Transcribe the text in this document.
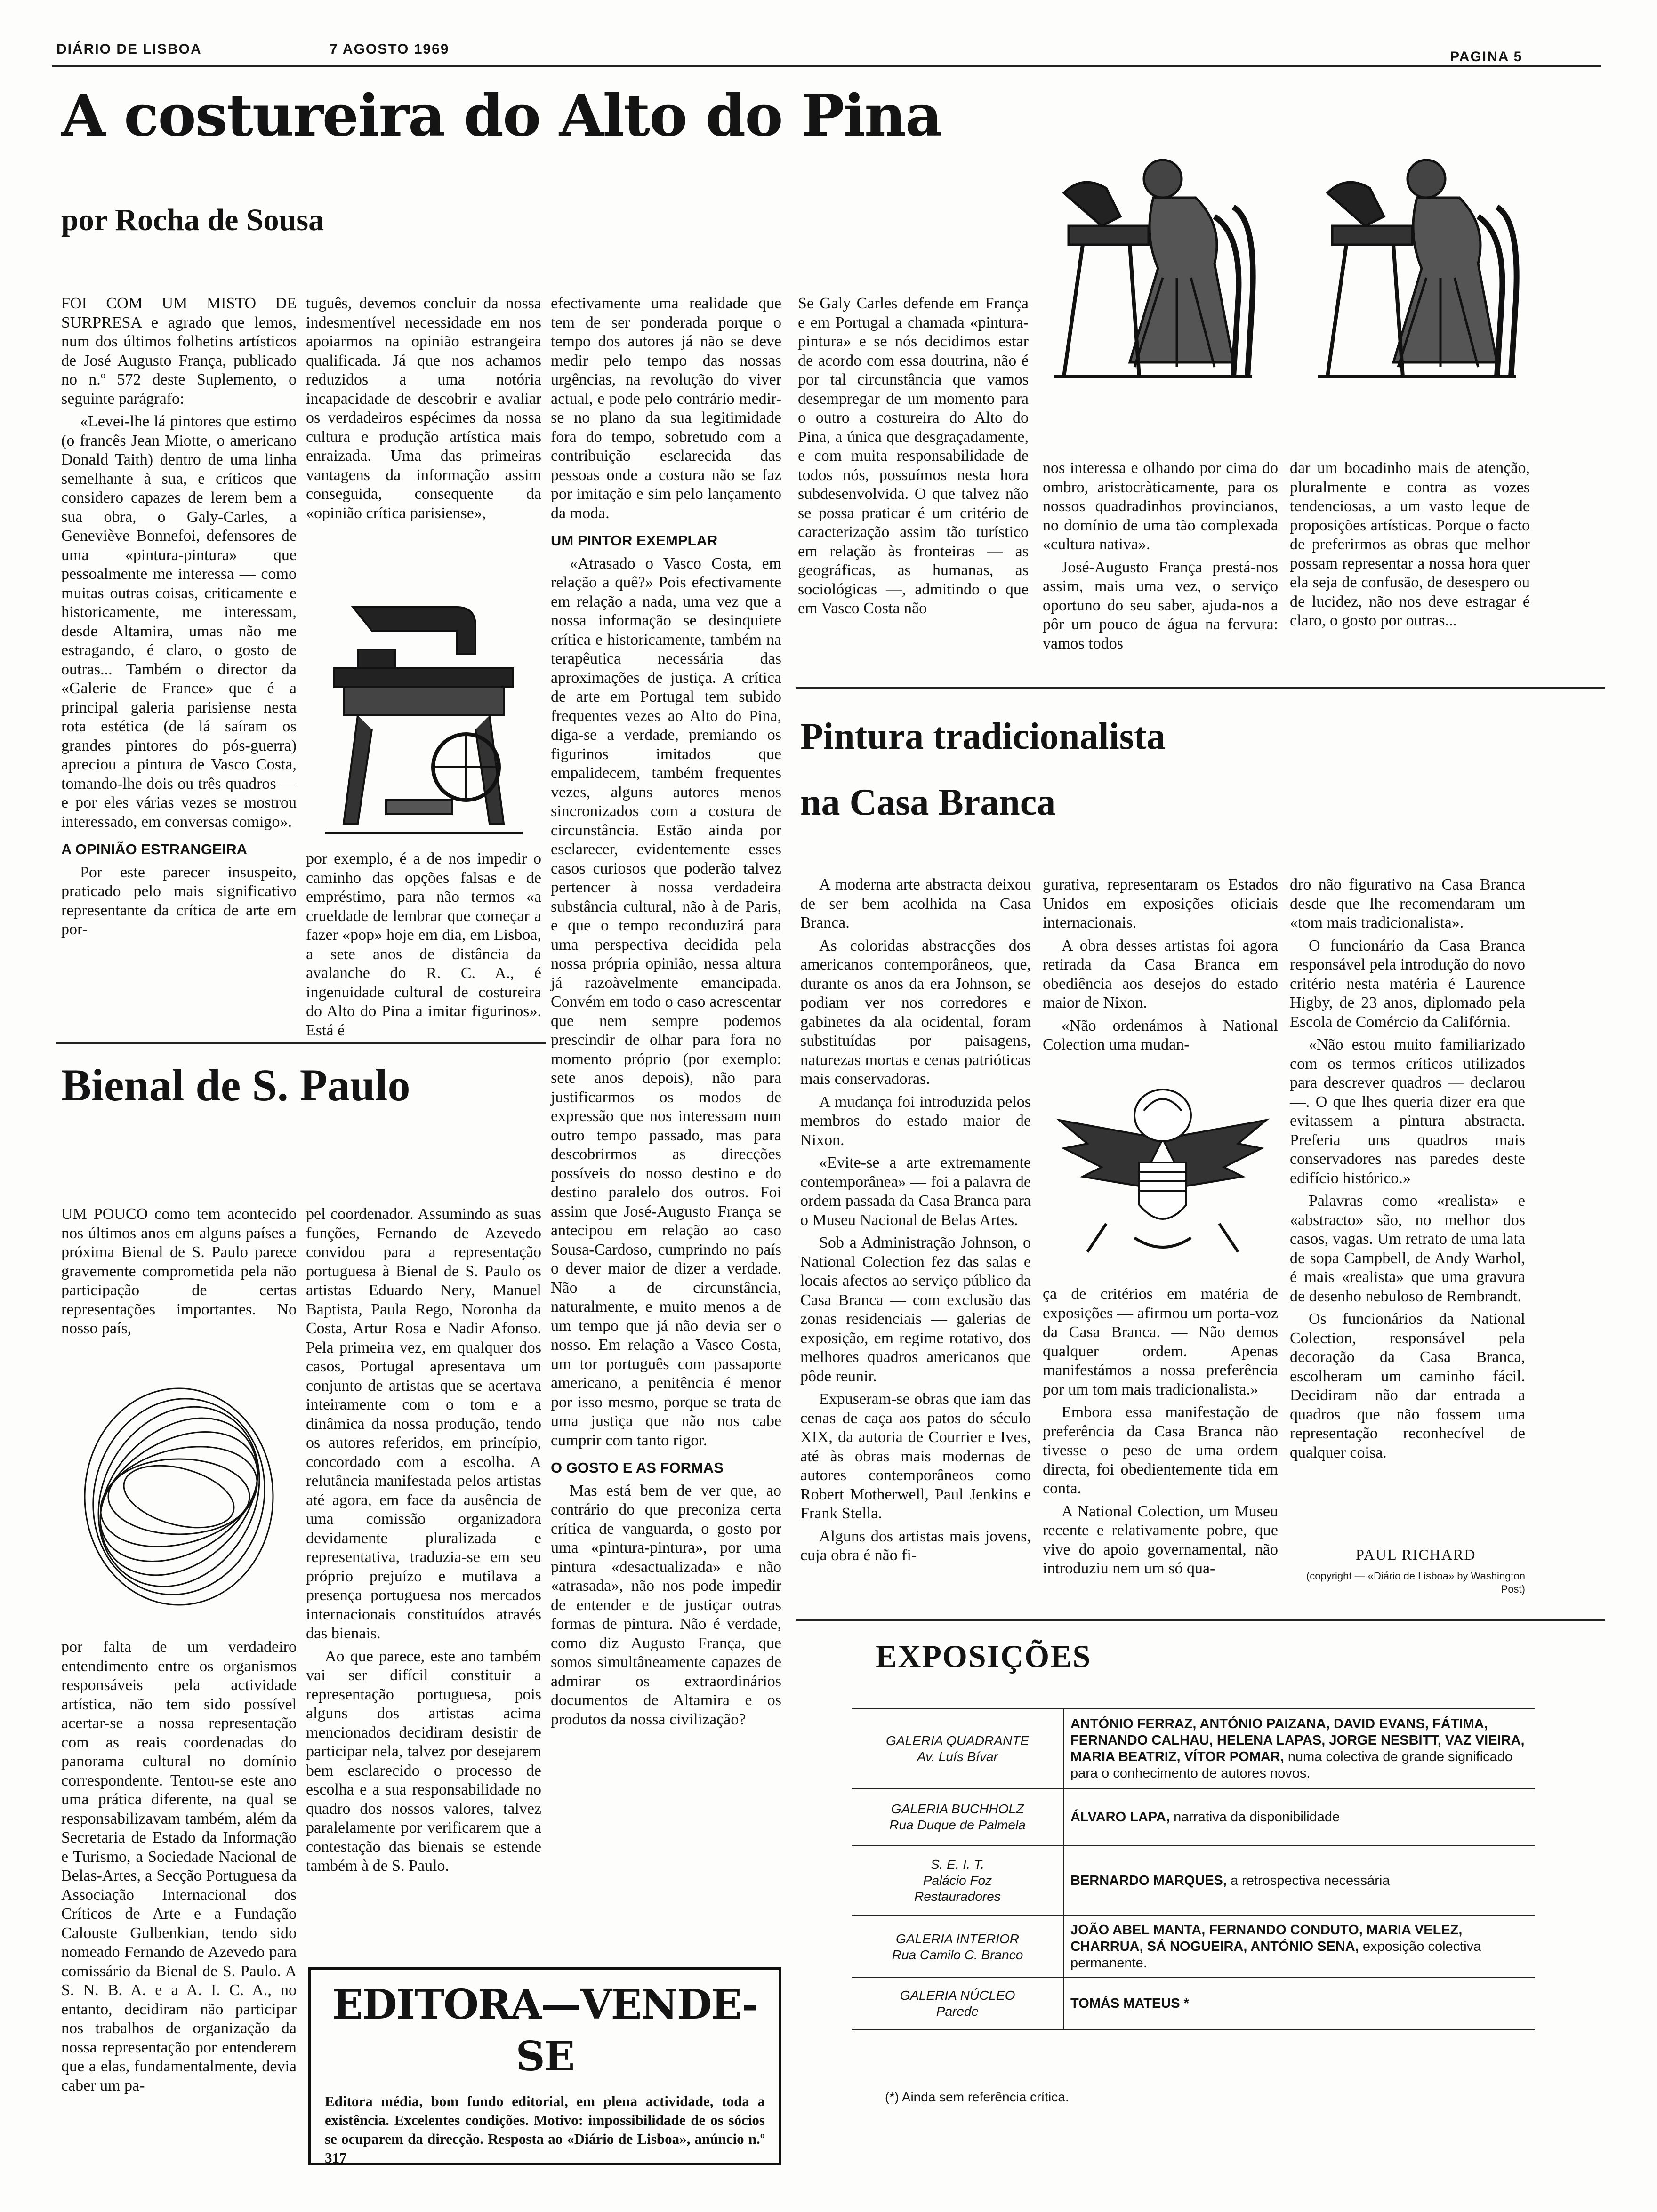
DIÁRIO DE LISBOA	7 AGOSTO 1969	PAGINA 5
A costureira do Alto do Pina
por Rocha de Sousa

FOI COM UM MISTO DE SURPRESA e agrado que lemos, num dos últimos folhetins artísticos de José Augusto França, publicado no n.º 572 deste Suplemento, o seguinte parágrafo:

«Levei-lhe lá pintores que estimo (o francês Jean Miotte, o americano Donald Taith) dentro de uma linha semelhante à sua, e críticos que considero capazes de lerem bem a sua obra, o Galy-Carles, a Geneviève Bonnefoi, defensores de uma «pintura-pintura» que pessoalmente me interessa — como muitas outras coisas, criticamente e historicamente, me interessam, desde Altamira, umas não me estragando, é claro, o gosto de outras... Também o director da «Galerie de France» que é a principal galeria parisiense nesta rota estética (de lá saíram os grandes pintores do pós-guerra) apreciou a pintura de Vasco Costa, tomando-lhe dois ou três quadros — e por eles várias vezes se mostrou interessado, em conversas comigo».

A OPINIÃO ESTRANGEIRA

Por este parecer insuspeito, praticado pelo mais significativo representante da crítica de arte em por-

tuguês, devemos concluir da nossa indesmentível necessidade em nos apoiarmos na opinião estrangeira qualificada. Já que nos achamos reduzidos a uma notória incapacidade de descobrir e avaliar os verdadeiros espécimes da nossa cultura e produção artística mais enraizada. Uma das primeiras vantagens da informação assim conseguida, consequente da «opinião crítica parisiense»,

por exemplo, é a de nos impedir o caminho das opções falsas e de empréstimo, para não termos «a crueldade de lembrar que começar a fazer «pop» hoje em dia, em Lisboa, a sete anos de distância da avalanche do R. C. A., é ingenuidade cultural de costureira do Alto do Pina a imitar figurinos». Está é

efectivamente uma realidade que tem de ser ponderada porque o tempo dos autores já não se deve medir pelo tempo das nossas urgências, na revolução do viver actual, e pode pelo contrário medir-se no plano da sua legitimidade fora do tempo, sobretudo com a contribuição esclarecida das pessoas onde a costura não se faz por imitação e sim pelo lançamento da moda.

UM PINTOR EXEMPLAR

«Atrasado o Vasco Costa, em relação a quê?» Pois efectivamente em relação a nada, uma vez que a nossa informação se desinquiete crítica e historicamente, também na terapêutica necessária das aproximações de justiça. A crítica de arte em Portugal tem subido frequentes vezes ao Alto do Pina, diga-se a verdade, premiando os figurinos imitados que empalidecem, também frequentes vezes, alguns autores menos sincronizados com a costura de circunstância. Estão ainda por esclarecer, evidentemente esses casos curiosos que poderão talvez pertencer à nossa verdadeira substância cultural, não à de Paris, e que o tempo reconduzirá para uma perspectiva decidida pela nossa própria opinião, nessa altura já razoàvelmente emancipada. Convém em todo o caso acrescentar que nem sempre podemos prescindir de olhar para fora no momento próprio (por exemplo: sete anos depois), não para justificarmos os modos de expressão que nos interessam num outro tempo passado, mas para descobrirmos as direcções possíveis do nosso destino e do destino paralelo dos outros. Foi assim que José-Augusto França se antecipou em relação ao caso Sousa-Cardoso, cumprindo no país o dever maior de dizer a verdade. Não a de circunstância, naturalmente, e muito menos a de um tempo que já não devia ser o nosso. Em relação a Vasco Costa, um tor português com passaporte americano, a penitência é menor por isso mesmo, porque se trata de uma justiça que não nos cabe cumprir com tanto rigor.

O GOSTO E AS FORMAS

Mas está bem de ver que, ao contrário do que preconiza certa crítica de vanguarda, o gosto por uma «pintura-pintura», por uma pintura «desactualizada» e não «atrasada», não nos pode impedir de entender e de justiçar outras formas de pintura. Não é verdade, como diz Augusto França, que somos simultâneamente capazes de admirar os extraordinários documentos de Altamira e os produtos da nossa civilização?

Se Galy Carles defende em França e em Portugal a chamada «pintura-pintura» e se nós decidimos estar de acordo com essa doutrina, não é por tal circunstância que vamos desempregar de um momento para o outro a costureira do Alto do Pina, a única que desgraçadamente, e com muita responsabilidade de todos nós, possuímos nesta hora subdesenvolvida. O que talvez não se possa praticar é um critério de caracterização assim tão turístico em relação às fronteiras — as geográficas, as humanas, as sociológicas —, admitindo o que em Vasco Costa não

nos interessa e olhando por cima do ombro, aristocràticamente, para os nossos quadradinhos provincianos, no domínio de uma tão complexada «cultura nativa».

José-Augusto França prestá-nos assim, mais uma vez, o serviço oportuno do seu saber, ajuda-nos a pôr um pouco de água na fervura: vamos todos

dar um bocadinho mais de atenção, pluralmente e contra as vozes tendenciosas, a um vasto leque de proposições artísticas. Porque o facto de preferirmos as obras que melhor possam representar a nossa hora quer ela seja de confusão, de desespero ou de lucidez, não nos deve estragar é claro, o gosto por outras...

Bienal de S. Paulo

UM POUCO como tem acontecido nos últimos anos em alguns países a próxima Bienal de S. Paulo parece gravemente comprometida pela não participação de certas representações importantes. No nosso país,

por falta de um verdadeiro entendimento entre os organismos responsáveis pela actividade artística, não tem sido possível acertar-se a nossa representação com as reais coordenadas do panorama cultural no domínio correspondente. Tentou-se este ano uma prática diferente, na qual se responsabilizavam também, além da Secretaria de Estado da Informação e Turismo, a Sociedade Nacional de Belas-Artes, a Secção Portuguesa da Associação Internacional dos Críticos de Arte e a Fundação Calouste Gulbenkian, tendo sido nomeado Fernando de Azevedo para comissário da Bienal de S. Paulo. A S. N. B. A. e a A. I. C. A., no entanto, decidiram não participar nos trabalhos de organização da nossa representação por entenderem que a elas, fundamentalmente, devia caber um pa-

pel coordenador. Assumindo as suas funções, Fernando de Azevedo convidou para a representação portuguesa à Bienal de S. Paulo os artistas Eduardo Nery, Manuel Baptista, Paula Rego, Noronha da Costa, Artur Rosa e Nadir Afonso. Pela primeira vez, em qualquer dos casos, Portugal apresentava um conjunto de artistas que se acertava inteiramente com o tom e a dinâmica da nossa produção, tendo os autores referidos, em princípio, concordado com a escolha. A relutância manifestada pelos artistas até agora, em face da ausência de uma comissão organizadora devidamente pluralizada e representativa, traduzia-se em seu próprio prejuízo e mutilava a presença portuguesa nos mercados internacionais constituídos através das bienais.

Ao que parece, este ano também vai ser difícil constituir a representação portuguesa, pois alguns dos artistas acima mencionados decidiram desistir de participar nela, talvez por desejarem bem esclarecido o processo de escolha e a sua responsabilidade no quadro dos nossos valores, talvez paralelamente por verificarem que a contestação das bienais se estende também à de S. Paulo.

EDITORA—VENDE-SE
Editora média, bom fundo editorial, em plena actividade, toda a existência. Excelentes condições. Motivo: impossibilidade de os sócios se ocuparem da direcção. Resposta ao «Diário de Lisboa», anúncio n.º 317
Pintura tradicionalista
na Casa Branca

A moderna arte abstracta deixou de ser bem acolhida na Casa Branca.

As coloridas abstracções dos americanos contemporâneos, que, durante os anos da era Johnson, se podiam ver nos corredores e gabinetes da ala ocidental, foram substituídas por paisagens, naturezas mortas e cenas patrióticas mais conservadoras.

A mudança foi introduzida pelos membros do estado maior de Nixon.

«Evite-se a arte extremamente contemporânea» — foi a palavra de ordem passada da Casa Branca para o Museu Nacional de Belas Artes.

Sob a Administração Johnson, o National Colection fez das salas e locais afectos ao serviço público da Casa Branca — com exclusão das zonas residenciais — galerias de exposição, em regime rotativo, dos melhores quadros americanos que pôde reunir.

Expuseram-se obras que iam das cenas de caça aos patos do século XIX, da autoria de Courrier e Ives, até às obras mais modernas de autores contemporâneos como Robert Motherwell, Paul Jenkins e Frank Stella.

Alguns dos artistas mais jovens, cuja obra é não fi-

gurativa, representaram os Estados Unidos em exposições oficiais internacionais.

A obra desses artistas foi agora retirada da Casa Branca em obediência aos desejos do estado maior de Nixon.

«Não ordenámos à National Colection uma mudan-

ça de critérios em matéria de exposições — afirmou um porta-voz da Casa Branca. — Não demos qualquer ordem. Apenas manifestámos a nossa preferência por um tom mais tradicionalista.»

Embora essa manifestação de preferência da Casa Branca não tivesse o peso de uma ordem directa, foi obedientemente tida em conta.

A National Colection, um Museu recente e relativamente pobre, que vive do apoio governamental, não introduziu nem um só qua-

dro não figurativo na Casa Branca desde que lhe recomendaram um «tom mais tradicionalista».

O funcionário da Casa Branca responsável pela introdução do novo critério nesta matéria é Laurence Higby, de 23 anos, diplomado pela Escola de Comércio da Califórnia.

«Não estou muito familiarizado com os termos críticos utilizados para descrever quadros — declarou —. O que lhes queria dizer era que evitassem a pintura abstracta. Preferia uns quadros mais conservadores nas paredes deste edifício histórico.»

Palavras como «realista» e «abstracto» são, no melhor dos casos, vagas. Um retrato de uma lata de sopa Campbell, de Andy Warhol, é mais «realista» que uma gravura de desenho nebuloso de Rembrandt.

Os funcionários da National Colection, responsável pela decoração da Casa Branca, escolheram um caminho fácil. Decidiram não dar entrada a quadros que não fossem uma representação reconhecível de qualquer coisa.

PAUL RICHARD
(copyright — «Diário de Lisboa» by Washington Post)
EXPOSIÇÕES
GALERIA QUADRANTE
Av. Luís Bívar	ANTÓNIO FERRAZ, ANTÓNIO PAIZANA, DAVID EVANS, FÁTIMA, FERNANDO CALHAU, HELENA LAPAS, JORGE NESBITT, VAZ VIEIRA, MARIA BEATRIZ, VÍTOR POMAR, numa colectiva de grande significado para o conhecimento de autores novos.

GALERIA BUCHHOLZ
Rua Duque de Palmela	ÁLVARO LAPA, narrativa da disponibilidade

S. E. I. T.
Palácio Foz
Restauradores	BERNARDO MARQUES, a retrospectiva necessária

GALERIA INTERIOR
Rua Camilo C. Branco	JOÃO ABEL MANTA, FERNANDO CONDUTO, MARIA VELEZ, CHARRUA, SÁ NOGUEIRA, ANTÓNIO SENA, exposição colectiva permanente.

GALERIA NÚCLEO
Parede	TOMÁS MATEUS *
(*) Ainda sem referência crítica.
